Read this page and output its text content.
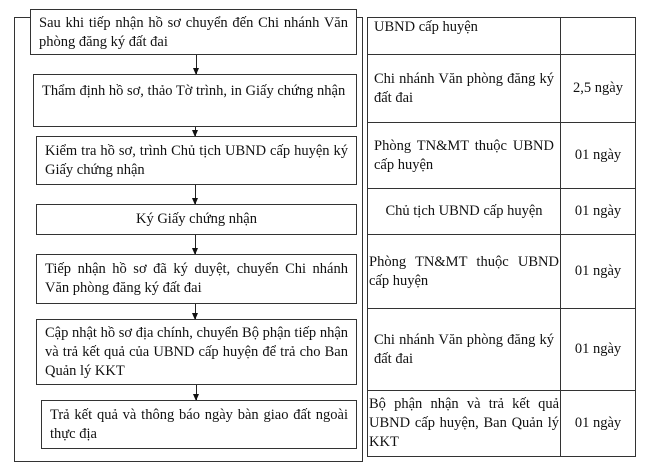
Sau khi tiếp nhận hồ sơ chuyển đến Chi nhánh Văn phòng đăng ký đất đai
Thẩm định hồ sơ, thảo Tờ trình, in Giấy chứng nhận
Kiểm tra hồ sơ, trình Chủ tịch UBND cấp huyện ký Giấy chứng nhận
Ký Giấy chứng nhận
Tiếp nhận hồ sơ đã ký duyệt, chuyển Chi nhánh Văn phòng đăng ký đất đai
Cập nhật hồ sơ địa chính, chuyển Bộ phận tiếp nhận và trả kết quả của UBND cấp huyện để trả cho Ban Quản lý KKT
Trả kết quả và thông báo ngày bàn giao đất ngoài thực địa
UBND cấp huyện	
Chi nhánh Văn phòng đăng ký đất đai	2,5 ngày
Phòng TN&MT thuộc UBND cấp huyện	01 ngày
Chủ tịch UBND cấp huyện	01 ngày
Phòng TN&MT thuộc UBND cấp huyện	01 ngày
Chi nhánh Văn phòng đăng ký đất đai	01 ngày
Bộ phận nhận và trả kết quả UBND cấp huyện, Ban Quản lý KKT	01 ngày
